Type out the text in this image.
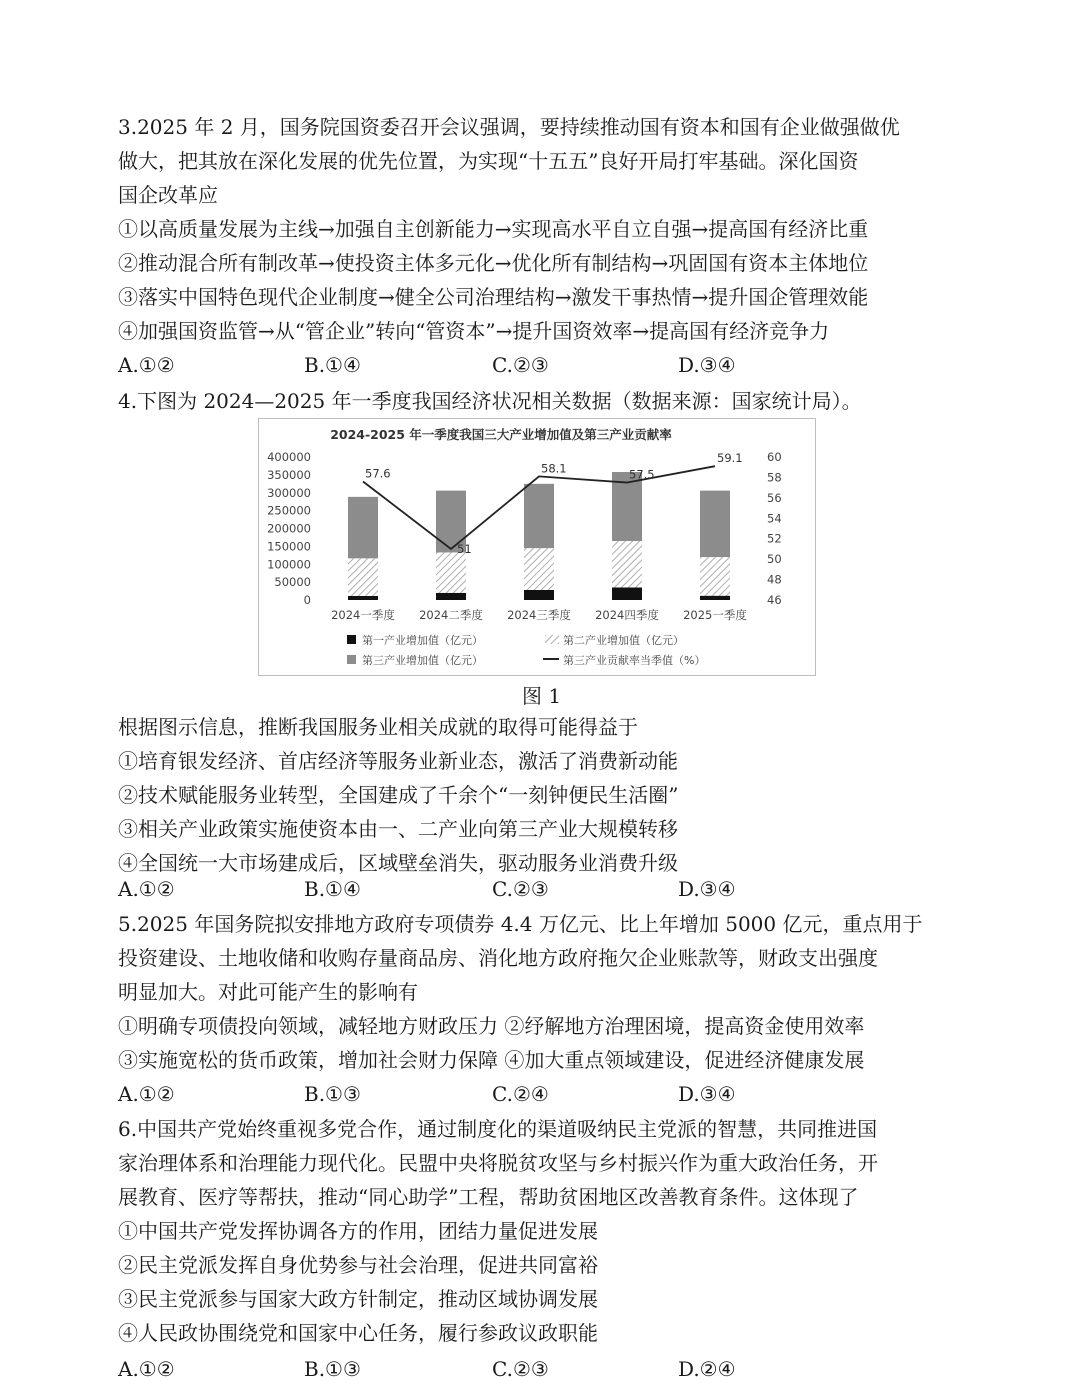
3.2025 年 2 月，国务院国资委召开会议强调，要持续推动国有资本和国有企业做强做优
做大，把其放在深化发展的优先位置，为实现“十五五”良好开局打牢基础。深化国资
国企改革应
①以高质量发展为主线→加强自主创新能力→实现高水平自立自强→提高国有经济比重
②推动混合所有制改革→使投资主体多元化→优化所有制结构→巩固国有资本主体地位
③落实中国特色现代企业制度→健全公司治理结构→激发干事热情→提升国企管理效能
④加强国资监管→从“管企业”转向“管资本”→提升国资效率→提高国有经济竞争力
A.①②	B.①④	C.②③	D.③④
4.下图为 2024—2025 年一季度我国经济状况相关数据（数据来源：国家统计局）。
2024-2025 年一季度我国三大产业增加值及第三产业贡献率
0
50000
100000
150000
200000
250000
300000
350000
400000
46
48
50
52
54
56
58
60
57.6
51
58.1	57.5
59.1
2024一季度 2024二季度 2024三季度 2024四季度 2025一季度
第一产业增加值（亿元）	第二产业增加值（亿元）
第三产业增加值（亿元）	第三产业贡献率当季值（%）
图 1
根据图示信息，推断我国服务业相关成就的取得可能得益于
①培育银发经济、首店经济等服务业新业态，激活了消费新动能
②技术赋能服务业转型，全国建成了千余个“一刻钟便民生活圈”
③相关产业政策实施使资本由一、二产业向第三产业大规模转移
④全国统一大市场建成后，区域壁垒消失，驱动服务业消费升级
A.①②	B.①④	C.②③	D.③④
5.2025 年国务院拟安排地方政府专项债券 4.4 万亿元、比上年增加 5000 亿元，重点用于
投资建设、土地收储和收购存量商品房、消化地方政府拖欠企业账款等，财政支出强度
明显加大。对此可能产生的影响有
①明确专项债投向领域，减轻地方财政压力 ②纾解地方治理困境，提高资金使用效率
③实施宽松的货币政策，增加社会财力保障 ④加大重点领域建设，促进经济健康发展
A.①②	B.①③	C.②④	D.③④
6.中国共产党始终重视多党合作，通过制度化的渠道吸纳民主党派的智慧，共同推进国
家治理体系和治理能力现代化。民盟中央将脱贫攻坚与乡村振兴作为重大政治任务，开
展教育、医疗等帮扶，推动“同心助学”工程，帮助贫困地区改善教育条件。这体现了
①中国共产党发挥协调各方的作用，团结力量促进发展
②民主党派发挥自身优势参与社会治理，促进共同富裕
③民主党派参与国家大政方针制定，推动区域协调发展
④人民政协围绕党和国家中心任务，履行参政议政职能
A.①②	B.①③	C.②③	D.②④
